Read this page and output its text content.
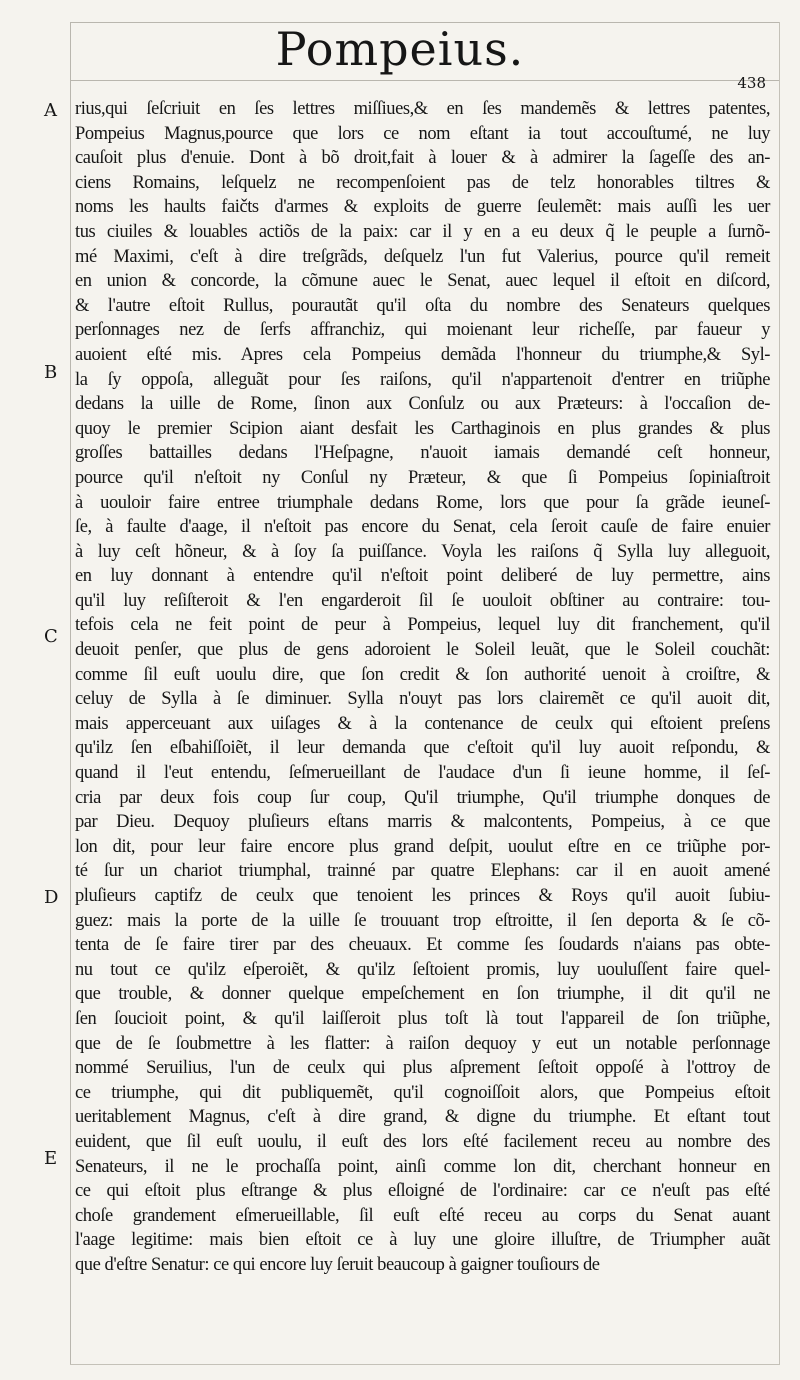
Pompeius.
438
A
B
C
D
E
rius,qui ſeſcriuit en ſes lettres miſſiues,& en ſes mandemẽs & lettres patentes,
Pompeius Magnus,pource que lors ce nom eſtant ia tout accouſtumé, ne luy
cauſoit plus d'enuie. Dont à bõ droit,fait à louer & à admirer la ſageſſe des an-
ciens Romains, leſquelz ne recompenſoient pas de telz honorables tiltres &
noms les haults faičts d'armes & exploits de guerre ſeulemẽt: mais auſſi les uer
tus ciuiles & louables actiõs de la paix: car il y en a eu deux q̃ le peuple a ſurnõ-
mé Maximi, c'eſt à dire treſgrãds, deſquelz l'un fut Valerius, pource qu'il remeit
en union & concorde, la cõmune auec le Senat, auec lequel il eſtoit en diſcord,
& l'autre eſtoit Rullus, pourautãt qu'il oſta du nombre des Senateurs quelques
perſonnages nez de ſerfs affranchiz, qui moienant leur richeſſe, par faueur y
auoient eſté mis. Apres cela Pompeius demãda l'honneur du triumphe,& Syl-
la ſy oppoſa, alleguãt pour ſes raiſons, qu'il n'appartenoit d'entrer en triũphe
dedans la uille de Rome, ſinon aux Conſulz ou aux Præteurs: à l'occaſion de-
quoy le premier Scipion aiant desfait les Carthaginois en plus grandes & plus
groſſes battailles dedans l'Heſpagne, n'auoit iamais demandé ceſt honneur,
pource qu'il n'eſtoit ny Conſul ny Præteur, & que ſi Pompeius ſopiniaſtroit
à uouloir faire entree triumphale dedans Rome, lors que pour ſa grãde ieuneſ-
ſe, à faulte d'aage, il n'eſtoit pas encore du Senat, cela ſeroit cauſe de faire enuier
à luy ceſt hõneur, & à ſoy ſa puiſſance. Voyla les raiſons q̃ Sylla luy alleguoit,
en luy donnant à entendre qu'il n'eſtoit point deliberé de luy permettre, ains
qu'il luy reſiſteroit & l'en engarderoit ſil ſe uouloit obſtiner au contraire: tou-
tefois cela ne feit point de peur à Pompeius, lequel luy dit franchement, qu'il
deuoit penſer, que plus de gens adoroient le Soleil leuãt, que le Soleil couchãt:
comme ſil euſt uoulu dire, que ſon credit & ſon authorité uenoit à croiſtre, &
celuy de Sylla à ſe diminuer. Sylla n'ouyt pas lors clairemẽt ce qu'il auoit dit,
mais apperceuant aux uiſages & à la contenance de ceulx qui eſtoient preſens
qu'ilz ſen eſbahiſſoiẽt, il leur demanda que c'eſtoit qu'il luy auoit reſpondu, &
quand il l'eut entendu, ſeſmerueillant de l'audace d'un ſi ieune homme, il ſeſ-
cria par deux fois coup ſur coup, Qu'il triumphe, Qu'il triumphe donques de
par Dieu. Dequoy pluſieurs eſtans marris & malcontents, Pompeius, à ce que
lon dit, pour leur faire encore plus grand deſpit, uoulut eſtre en ce triũphe por-
té ſur un chariot triumphal, trainné par quatre Elephans: car il en auoit amené
pluſieurs captifz de ceulx que tenoient les princes & Roys qu'il auoit ſubiu-
guez: mais la porte de la uille ſe trouuant trop eſtroitte, il ſen deporta & ſe cõ-
tenta de ſe faire tirer par des cheuaux. Et comme ſes ſoudards n'aians pas obte-
nu tout ce qu'ilz eſperoiẽt, & qu'ilz ſeſtoient promis, luy uouluſſent faire quel-
que trouble, & donner quelque empeſchement en ſon triumphe, il dit qu'il ne
ſen ſoucioit point, & qu'il laiſſeroit plus toſt là tout l'appareil de ſon triũphe,
que de ſe ſoubmettre à les flatter: à raiſon dequoy y eut un notable perſonnage
nommé Seruilius, l'un de ceulx qui plus aſprement ſeſtoit oppoſé à l'ottroy de
ce triumphe, qui dit publiquemẽt, qu'il cognoiſſoit alors, que Pompeius eſtoit
ueritablement Magnus, c'eſt à dire grand, & digne du triumphe. Et eſtant tout
euident, que ſil euſt uoulu, il euſt des lors eſté facilement receu au nombre des
Senateurs, il ne le prochaſſa point, ainſi comme lon dit, cherchant honneur en
ce qui eſtoit plus eſtrange & plus eſloigné de l'ordinaire: car ce n'euſt pas eſté
choſe grandement eſmerueillable, ſil euſt eſté receu au corps du Senat auant
l'aage legitime: mais bien eſtoit ce à luy une gloire illuſtre, de Triumpher auãt
que d'eſtre Senatur: ce qui encore luy ſeruit beaucoup à gaigner touſiours de
